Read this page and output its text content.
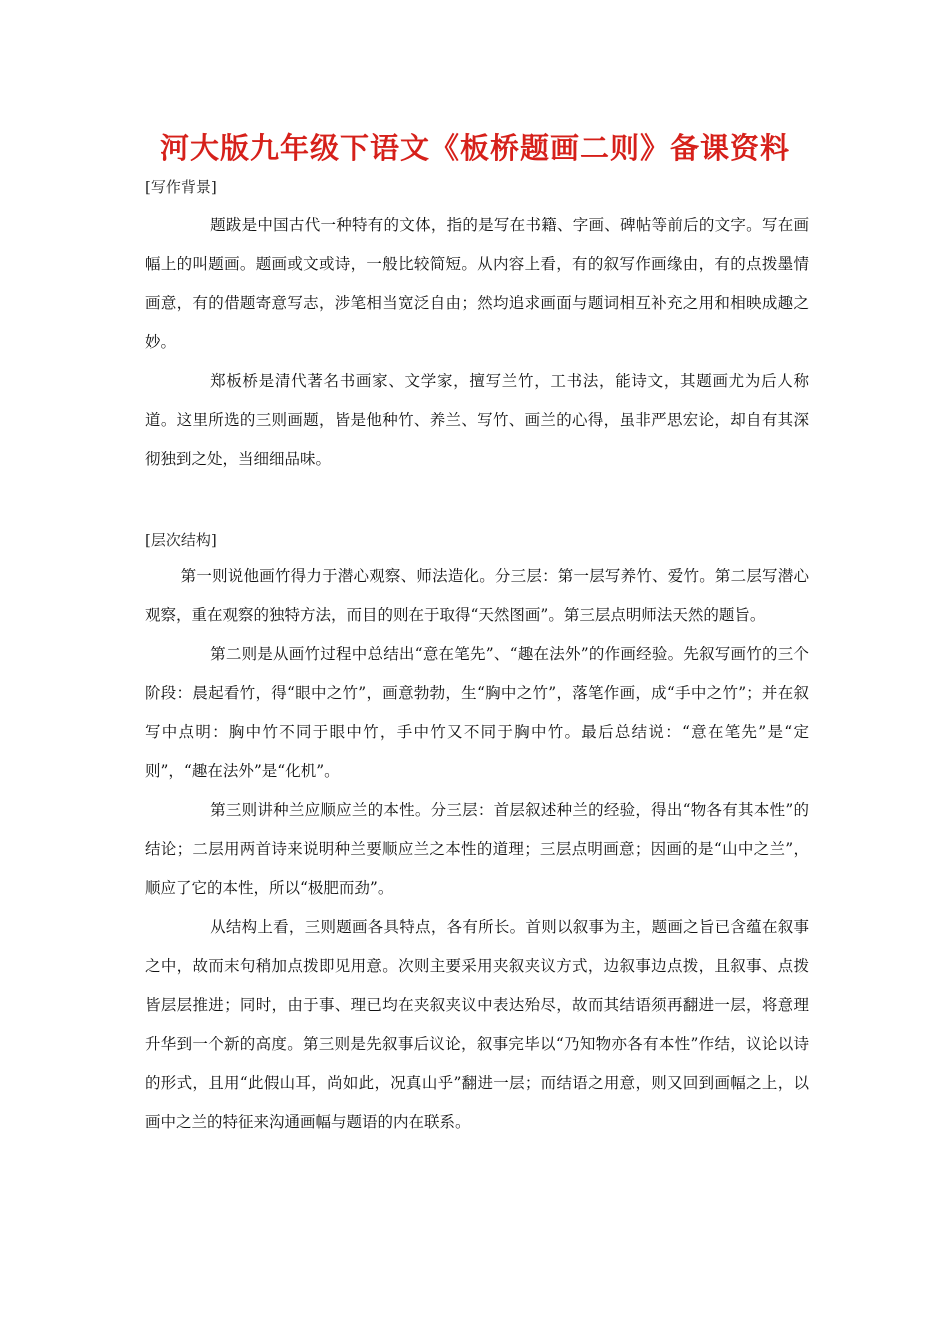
河大版九年级下语文《板桥题画二则》备课资料
[写作背景]

题跋是中国古代一种特有的文体，指的是写在书籍、字画、碑帖等前后的文字。写在画幅上的叫题画。题画或文或诗，一般比较简短。从内容上看，有的叙写作画缘由，有的点拨墨情画意，有的借题寄意写志，涉笔相当宽泛自由；然均追求画面与题词相互补充之用和相映成趣之妙。

郑板桥是清代著名书画家、文学家，擅写兰竹，工书法，能诗文，其题画尤为后人称道。这里所选的三则画题，皆是他种竹、养兰、写竹、画兰的心得，虽非严思宏论，却自有其深彻独到之处，当细细品味。

[层次结构]

第一则说他画竹得力于潜心观察、师法造化。分三层：第一层写养竹、爱竹。第二层写潜心观察，重在观察的独特方法，而目的则在于取得“天然图画”。第三层点明师法天然的题旨。

第二则是从画竹过程中总结出“意在笔先”、“趣在法外”的作画经验。先叙写画竹的三个阶段：晨起看竹，得“眼中之竹”，画意勃勃，生“胸中之竹”，落笔作画，成“手中之竹”；并在叙写中点明：胸中竹不同于眼中竹，手中竹又不同于胸中竹。最后总结说：“意在笔先”是“定则”，“趣在法外”是“化机”。

第三则讲种兰应顺应兰的本性。分三层：首层叙述种兰的经验，得出“物各有其本性”的结论；二层用两首诗来说明种兰要顺应兰之本性的道理；三层点明画意；因画的是“山中之兰”，顺应了它的本性，所以“极肥而劲”。

从结构上看，三则题画各具特点，各有所长。首则以叙事为主，题画之旨已含蕴在叙事之中，故而末句稍加点拨即见用意。次则主要采用夹叙夹议方式，边叙事边点拨，且叙事、点拨皆层层推进；同时，由于事、理已均在夹叙夹议中表达殆尽，故而其结语须再翻进一层，将意理升华到一个新的高度。第三则是先叙事后议论，叙事完毕以“乃知物亦各有本性”作结，议论以诗的形式，且用“此假山耳，尚如此，况真山乎”翻进一层；而结语之用意，则又回到画幅之上，以画中之兰的特征来沟通画幅与题语的内在联系。
